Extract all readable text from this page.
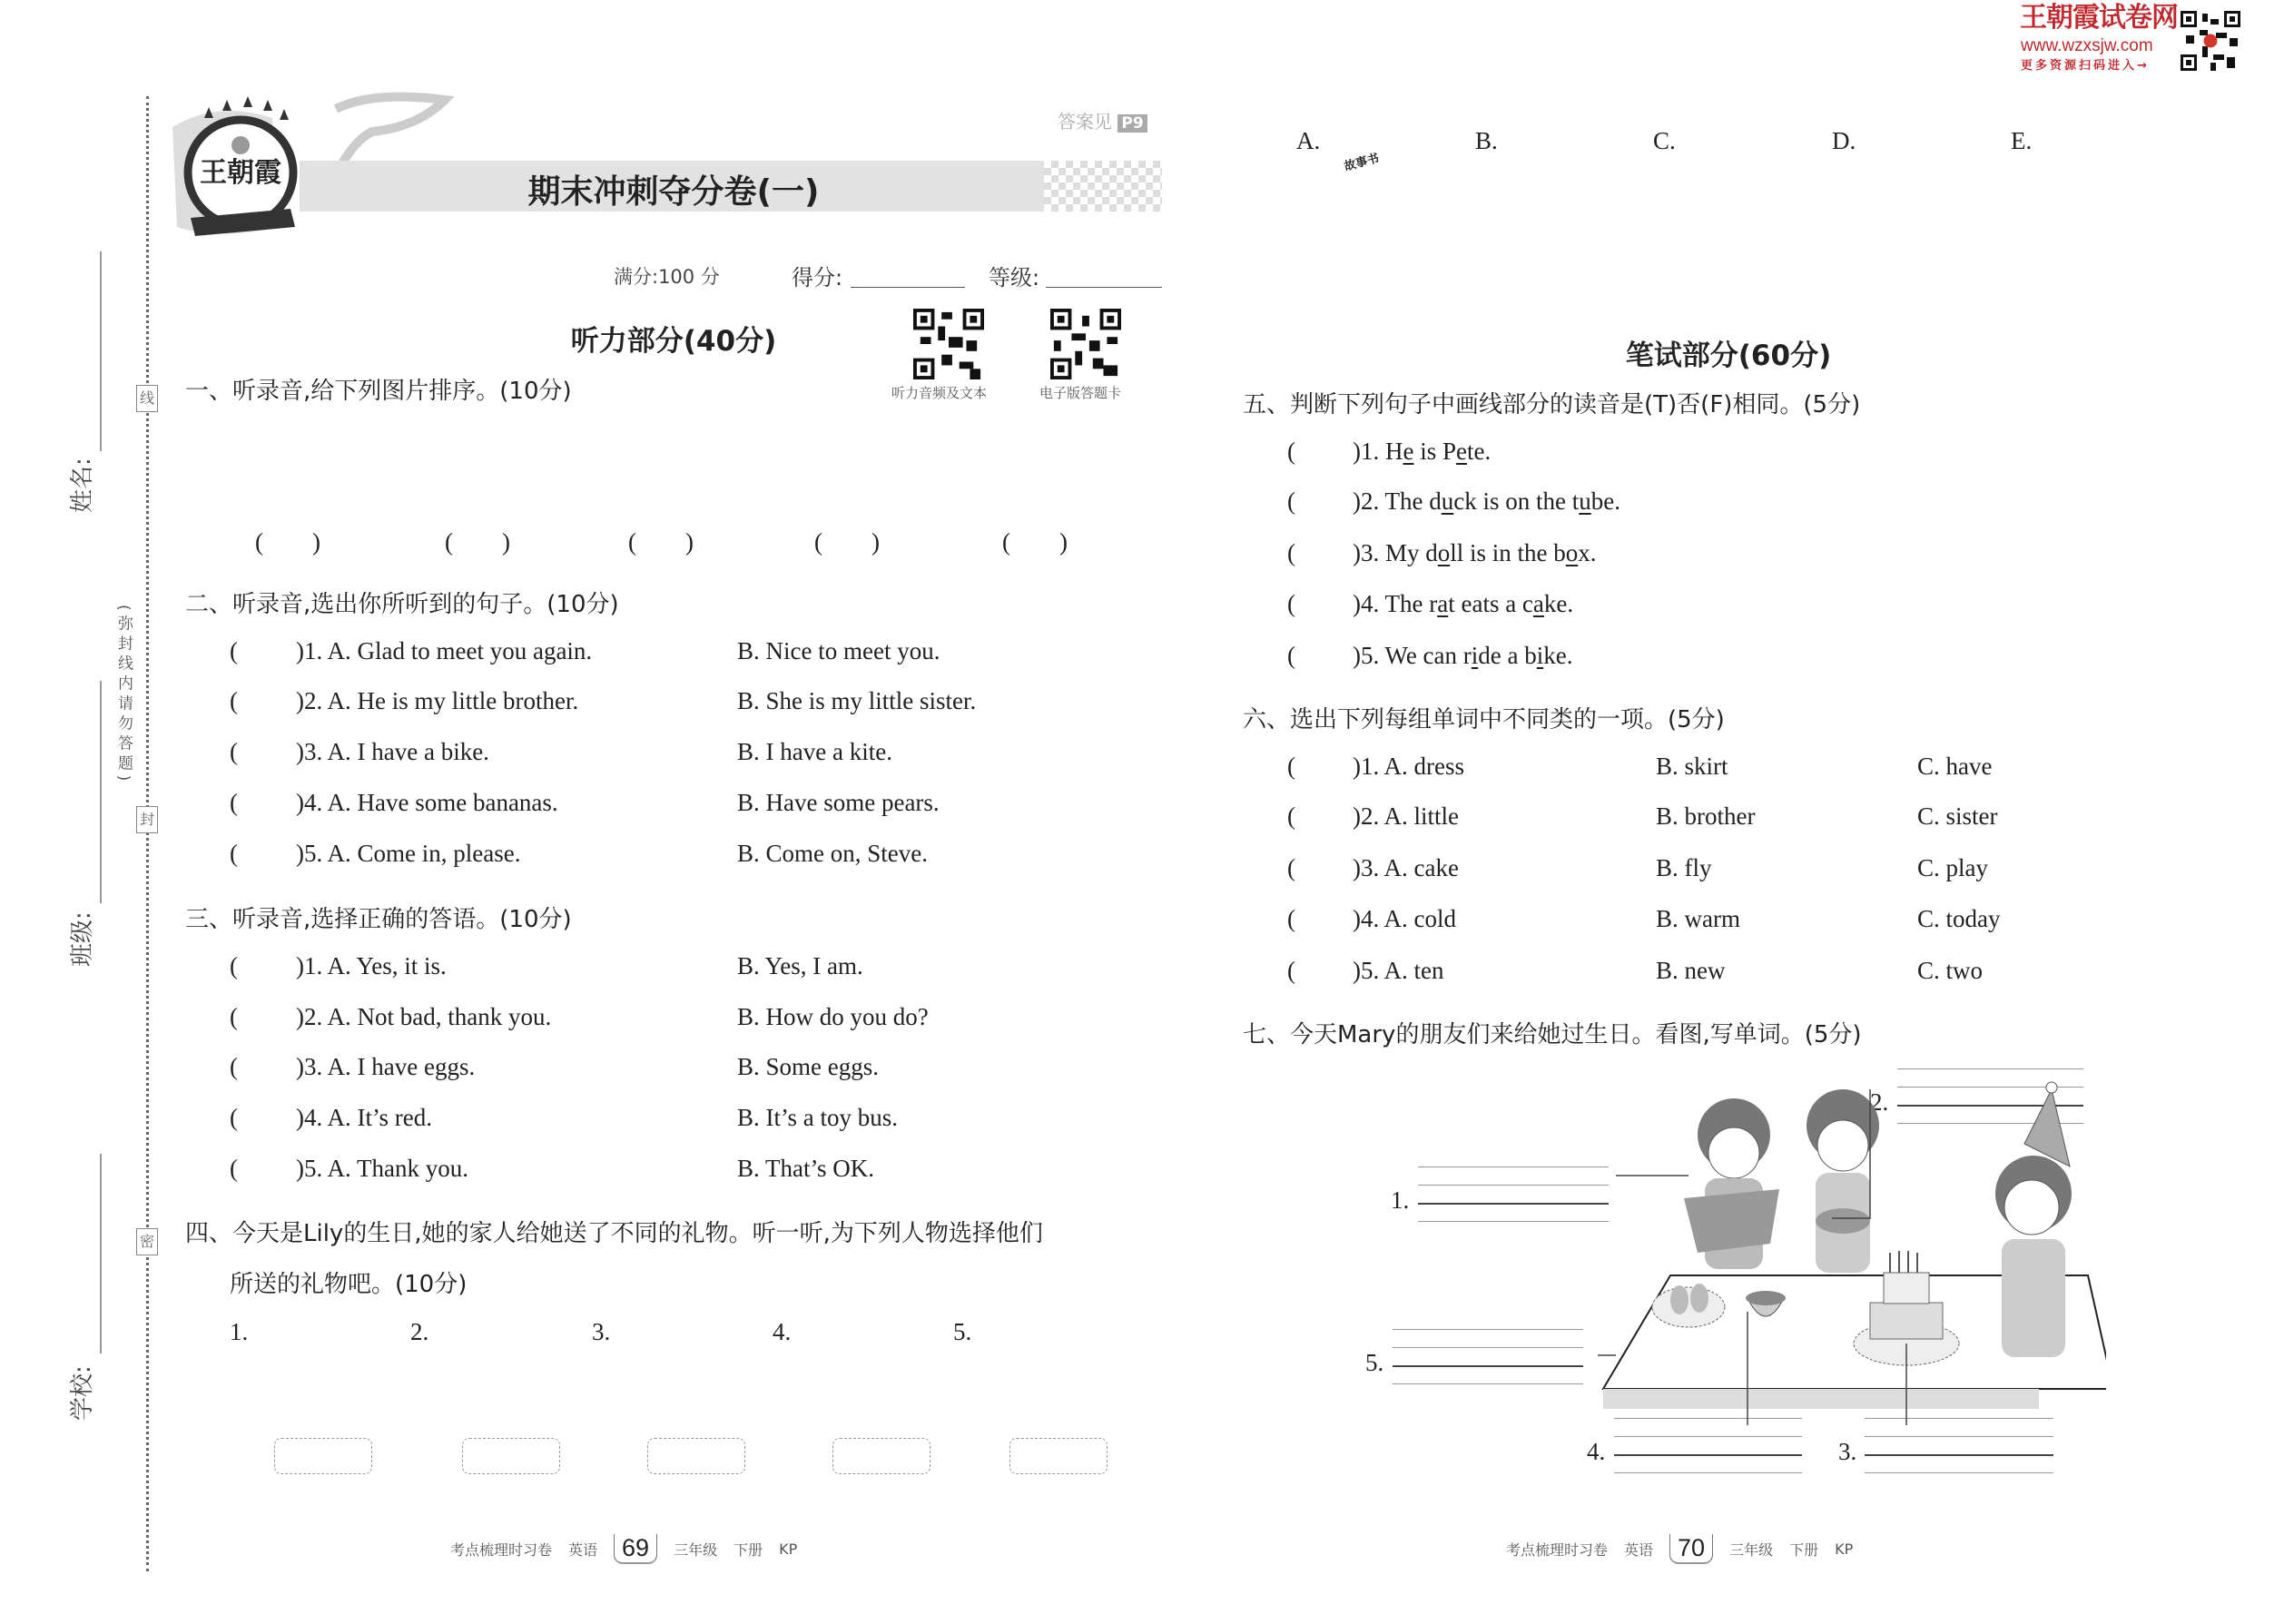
王朝霞试卷网
www.wzxsjw.com
更多资源扫码进入→
姓名:
班级:
学校:
(弥封线内请勿答题)
线
封
密
王朝霞
期末冲刺夺分卷(一)
答案见 P9
满分:100 分	得分:	等级:
听力部分(40分)
听力音频及文本	电子版答题卡
一、听录音,给下列图片排序。(10分)
(　　)	(　　)	(　　)	(　　)	(　　)
二、听录音,选出你所听到的句子。(10分)
(	)1. A. Glad to meet you again.	B. Nice to meet you.
(	)2. A. He is my little brother.	B. She is my little sister.
(	)3. A. I have a bike.	B. I have a kite.
(	)4. A. Have some bananas.	B. Have some pears.
(	)5. A. Come in, please.	B. Come on, Steve.
三、听录音,选择正确的答语。(10分)
(	)1. A. Yes, it is.	B. Yes, I am.
(	)2. A. Not bad, thank you.	B. How do you do?
(	)3. A. I have eggs.	B. Some eggs.
(	)4. A. It’s red.	B. It’s a toy bus.
(	)5. A. Thank you.	B. That’s OK.
四、今天是Lily的生日,她的家人给她送了不同的礼物。听一听,为下列人物选择他们
所送的礼物吧。(10分)
1.	2.	3.	4.	5.
A.	B.	C.	D.	E.
故事书
笔试部分(60分)
五、判断下列句子中画线部分的读音是(T)否(F)相同。(5分)
(	)1. He is Pete.
(	)2. The duck is on the tube.
(	)3. My doll is in the box.
(	)4. The rat eats a cake.
(	)5. We can ride a bike.
六、选出下列每组单词中不同类的一项。(5分)
(	)1. A. dress	B. skirt	C. have
(	)2. A. little	B. brother	C. sister
(	)3. A. cake	B. fly	C. play
(	)4. A. cold	B. warm	C. today
(	)5. A. ten	B. new	C. two
七、今天Mary的朋友们来给她过生日。看图,写单词。(5分)
1.
2.
3.
4.
5.
考点梳理时习卷 英语	69	三年级 下册 KP	考点梳理时习卷 英语	70	三年级 下册 KP
